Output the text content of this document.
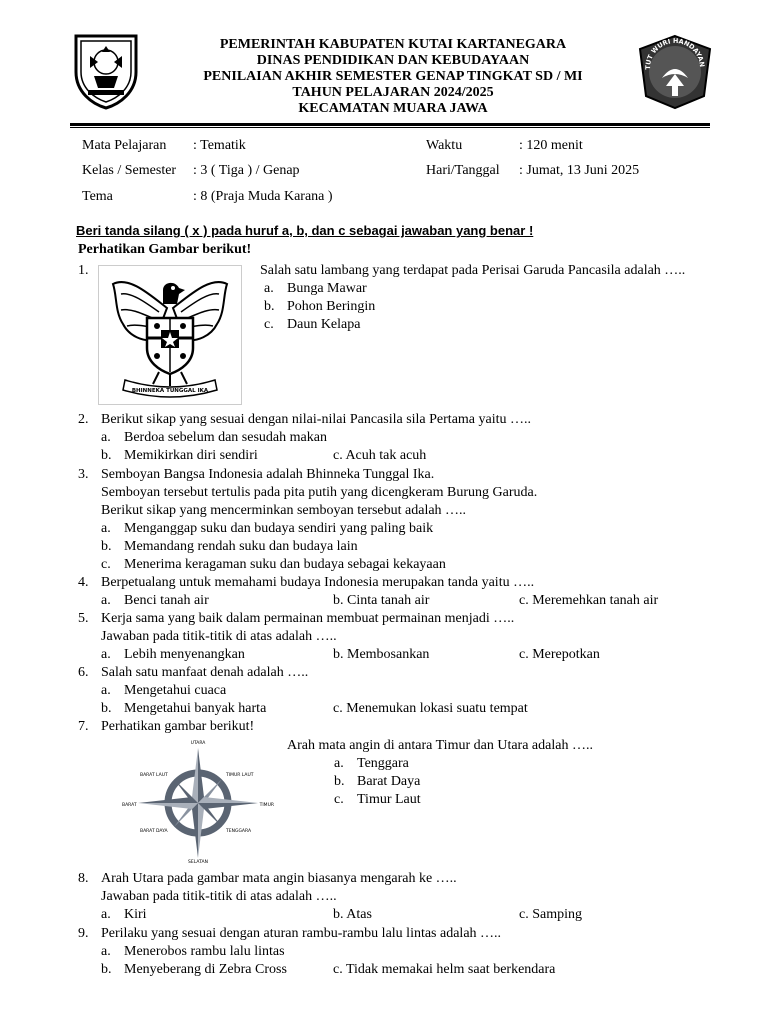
PEMERINTAH KABUPATEN KUTAI KARTANEGARA
DINAS PENDIDIKAN DAN KEBUDAYAAN
PENILAIAN AKHIR SEMESTER GENAP TINGKAT SD / MI
TAHUN PELAJARAN 2024/2025
KECAMATAN MUARA JAWA
TUT WURI HANDAYAN
Mata Pelajaran : Tematik	Waktu	: 120 menit
Kelas / Semester : 3 ( Tiga ) / Genap	Hari/Tanggal : Jumat, 13 Juni 2025
Tema	: 8 (Praja Muda Karana )
Beri tanda silang ( x ) pada huruf a, b, dan c sebagai jawaban yang benar !
Perhatikan Gambar berikut!
1.
BHINNEKA TUNGGAL IKA
Salah satu lambang yang terdapat pada Perisai Garuda Pancasila adalah …..
a. Bunga Mawar
b. Pohon Beringin
c. Daun Kelapa
2. Berikut sikap yang sesuai dengan nilai-nilai Pancasila sila Pertama yaitu …..
a. Berdoa sebelum dan sesudah makan
b. Memikirkan diri sendiri	c. Acuh tak acuh
3. Semboyan Bangsa Indonesia adalah Bhinneka Tunggal Ika.
Semboyan tersebut tertulis pada pita putih yang dicengkeram Burung Garuda.
Berikut sikap yang mencerminkan semboyan tersebut adalah …..
a. Menganggap suku dan budaya sendiri yang paling baik
b. Memandang rendah suku dan budaya lain
c. Menerima keragaman suku dan budaya sebagai kekayaan
4. Berpetualang untuk memahami budaya Indonesia merupakan tanda yaitu …..
a. Benci tanah air	b. Cinta tanah air	c. Meremehkan tanah air
5. Kerja sama yang baik dalam permainan membuat permainan menjadi …..
Jawaban pada titik-titik di atas adalah …..
a. Lebih menyenangkan	b. Membosankan	c. Merepotkan
6. Salah satu manfaat denah adalah …..
a. Mengetahui cuaca
b. Mengetahui banyak harta	c. Menemukan lokasi suatu tempat
7. Perhatikan gambar berikut!
UTARA
SELATAN
TIMUR
BARAT
TIMUR LAUT
BARAT LAUT
TENGGARA
BARAT DAYA
Arah mata angin di antara Timur dan Utara adalah …..
a. Tenggara
b. Barat Daya
c. Timur Laut
8. Arah Utara pada gambar mata angin biasanya mengarah ke …..
Jawaban pada titik-titik di atas adalah …..
a. Kiri	b. Atas	c. Samping
9. Perilaku yang sesuai dengan aturan rambu-rambu lalu lintas adalah …..
a. Menerobos rambu lalu lintas
b. Menyeberang di Zebra Cross	c. Tidak memakai helm saat berkendara
